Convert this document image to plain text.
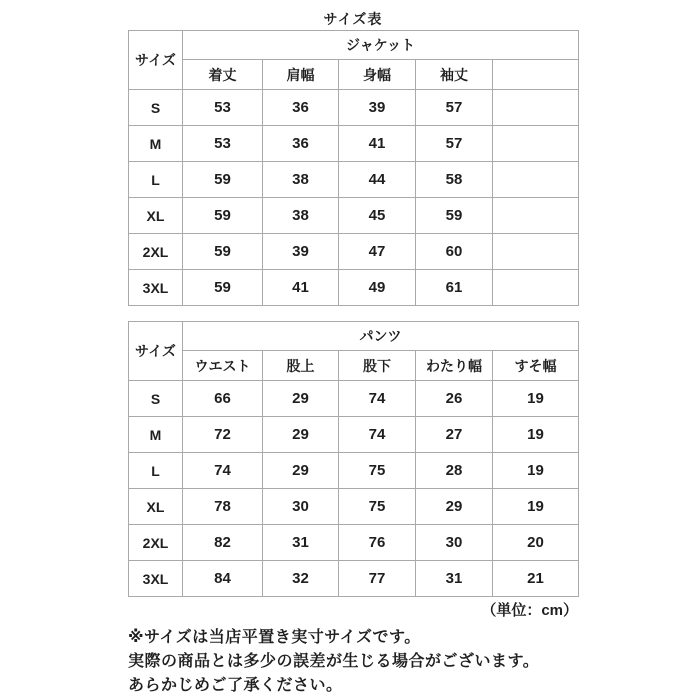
サイズ表
サイズ	ジャケット				
	着丈	肩幅	身幅	袖丈	
S	53	36	39	57	
M	53	36	41	57	
L	59	38	44	58	
XL	59	38	45	59	
2XL	59	39	47	60	
3XL	59	41	49	61	
サイズ	パンツ				
	ウエスト	股上	股下	わたり幅	すそ幅
S	66	29	74	26	19
M	72	29	74	27	19
L	74	29	75	28	19
XL	78	30	75	29	19
2XL	82	31	76	30	20
3XL	84	32	77	31	21
（単位：cm）
※サイズは当店平置き実寸サイズです。
実際の商品とは多少の誤差が生じる場合がございます。
あらかじめご了承ください。
